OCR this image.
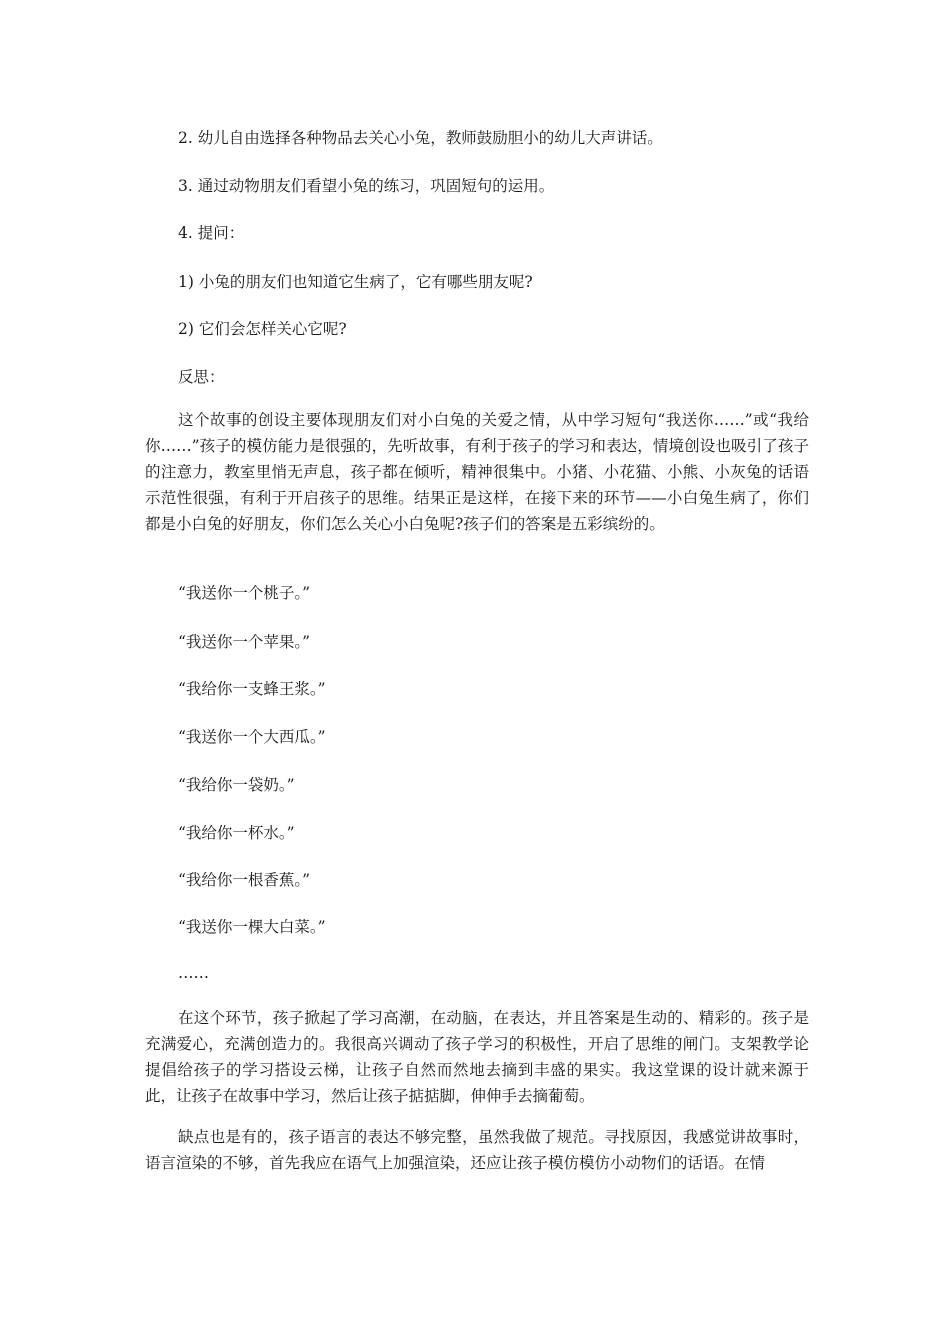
2. 幼儿自由选择各种物品去关心小兔，教师鼓励胆小的幼儿大声讲话。
3. 通过动物朋友们看望小兔的练习，巩固短句的运用。
4. 提问：
1) 小兔的朋友们也知道它生病了，它有哪些朋友呢?
2) 它们会怎样关心它呢?
反思：
这个故事的创设主要体现朋友们对小白兔的关爱之情，从中学习短句“我送你……”或“我给你……”孩子的模仿能力是很强的，先听故事，有利于孩子的学习和表达，情境创设也吸引了孩子的注意力，教室里悄无声息，孩子都在倾听，精神很集中。小猪、小花猫、小熊、小灰兔的话语示范性很强，有利于开启孩子的思维。结果正是这样，在接下来的环节——小白兔生病了，你们都是小白兔的好朋友，你们怎么关心小白兔呢?孩子们的答案是五彩缤纷的。
“我送你一个桃子。”
“我送你一个苹果。”
“我给你一支蜂王浆。”
“我送你一个大西瓜。”
“我给你一袋奶。”
“我给你一杯水。”
“我给你一根香蕉。”
“我送你一棵大白菜。”
……
在这个环节，孩子掀起了学习高潮，在动脑，在表达，并且答案是生动的、精彩的。孩子是充满爱心，充满创造力的。我很高兴调动了孩子学习的积极性，开启了思维的闸门。支架教学论提倡给孩子的学习搭设云梯，让孩子自然而然地去摘到丰盛的果实。我这堂课的设计就来源于此，让孩子在故事中学习，然后让孩子掂掂脚，伸伸手去摘葡萄。
缺点也是有的，孩子语言的表达不够完整，虽然我做了规范。寻找原因，我感觉讲故事时，语言渲染的不够，首先我应在语气上加强渲染，还应让孩子模仿模仿小动物们的话语。在情
